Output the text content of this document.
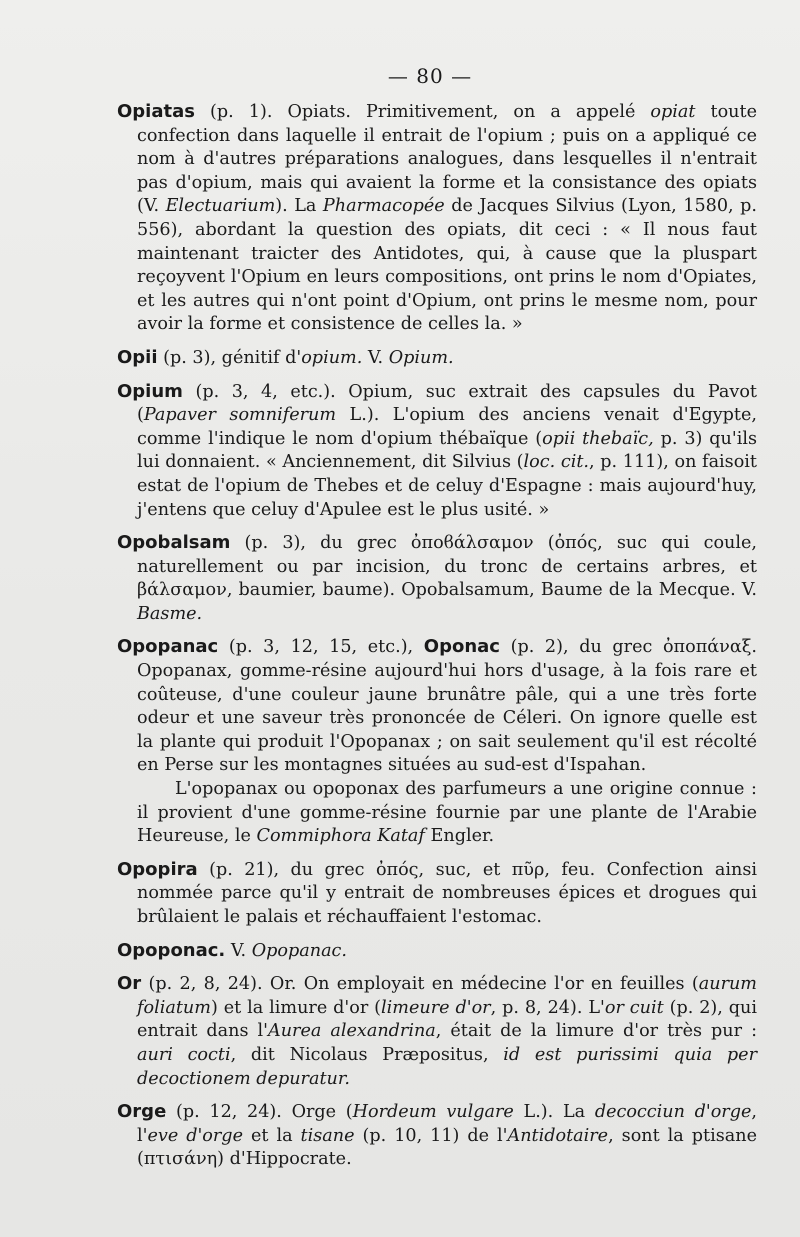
— 80 —

Opiatas (p. 1). Opiats. Primitivement, on a appelé opiat toute confection dans laquelle il entrait de l'opium ; puis on a appliqué ce nom à d'autres préparations analogues, dans lesquelles il n'entrait pas d'opium, mais qui avaient la forme et la consistance des opiats (V. Electuarium). La Pharmacopée de Jacques Silvius (Lyon, 1580, p. 556), abordant la question des opiats, dit ceci : « Il nous faut maintenant traicter des Antidotes, qui, à cause que la pluspart reçoyvent l'Opium en leurs compositions, ont prins le nom d'Opiates, et les autres qui n'ont point d'Opium, ont prins le mesme nom, pour avoir la forme et consistence de celles la. »

Opii (p. 3), génitif d'opium. V. Opium.

Opium (p. 3, 4, etc.). Opium, suc extrait des capsules du Pavot (Papaver somniferum L.). L'opium des anciens venait d'Egypte, comme l'indique le nom d'opium thébaïque (opii thebaïc, p. 3) qu'ils lui donnaient. « Anciennement, dit Silvius (loc. cit., p. 111), on faisoit estat de l'opium de Thebes et de celuy d'Espagne : mais aujourd'huy, j'entens que celuy d'Apulee est le plus usité. »

Opobalsam (p. 3), du grec ὀποϐάλσαμον (ὀπός, suc qui coule, naturellement ou par incision, du tronc de certains arbres, et βάλσαμον, baumier, baume). Opobalsamum, Baume de la Mecque. V. Basme.

Opopanac (p. 3, 12, 15, etc.), Oponac (p. 2), du grec ὀποπάναξ. Opopanax, gomme-résine aujourd'hui hors d'usage, à la fois rare et coûteuse, d'une couleur jaune brunâtre pâle, qui a une très forte odeur et une saveur très prononcée de Céleri. On ignore quelle est la plante qui produit l'Opopanax ; on sait seulement qu'il est récolté en Perse sur les montagnes situées au sud-est d'Ispahan.

L'opopanax ou opoponax des parfumeurs a une origine connue : il provient d'une gomme-résine fournie par une plante de l'Arabie Heureuse, le Commiphora Kataf Engler.

Opopira (p. 21), du grec ὀπός, suc, et πῦρ, feu. Confection ainsi nommée parce qu'il y entrait de nombreuses épices et drogues qui brûlaient le palais et réchauffaient l'estomac.

Opoponac. V. Opopanac.

Or (p. 2, 8, 24). Or. On employait en médecine l'or en feuilles (aurum foliatum) et la limure d'or (limeure d'or, p. 8, 24). L'or cuit (p. 2), qui entrait dans l'Aurea alexandrina, était de la limure d'or très pur : auri cocti, dit Nicolaus Præpositus, id est purissimi quia per decoctionem depuratur.

Orge (p. 12, 24). Orge (Hordeum vulgare L.). La decocciun d'orge, l'eve d'orge et la tisane (p. 10, 11) de l'Antidotaire, sont la ptisane (πτισάνη) d'Hippocrate.
